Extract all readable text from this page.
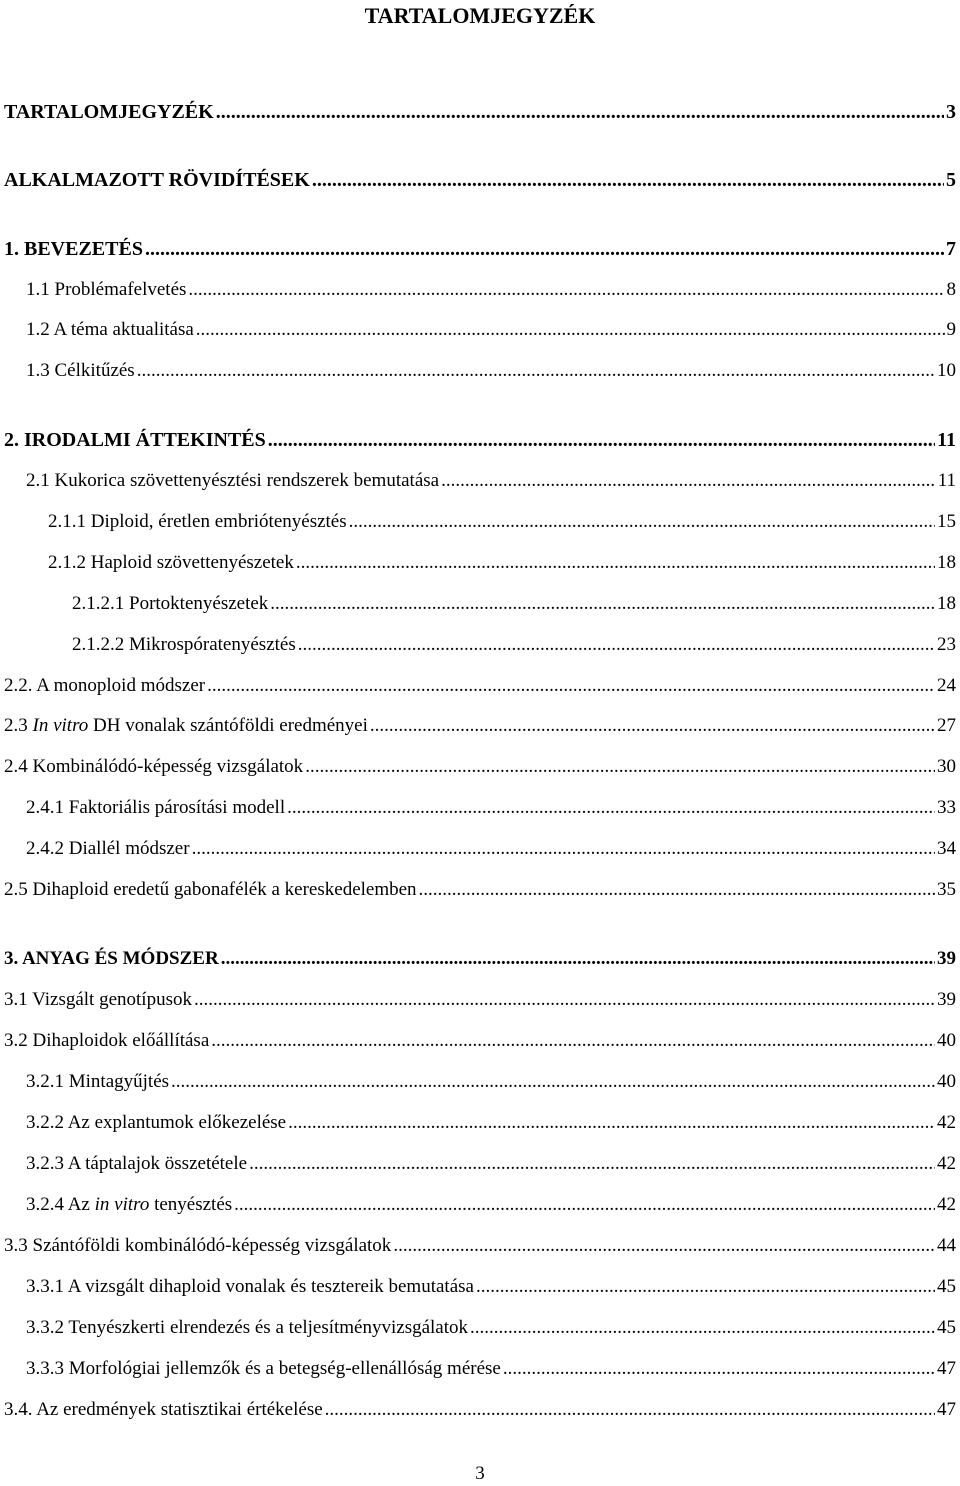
TARTALOMJEGYZÉK
TARTALOMJEGYZÉK .....	3
ALKALMAZOTT RÖVIDÍTÉSEK .....	5
1. BEVEZETÉS .....	7
1.1 Problémafelvetés .....	8
1.2 A téma aktualitása .....	9
1.3 Célkitűzés .....	10
2. IRODALMI ÁTTEKINTÉS .....	11
2.1 Kukorica szövettenyésztési rendszerek bemutatása .....	11
2.1.1 Diploid, éretlen embriótenyésztés .....	15
2.1.2 Haploid szövettenyészetek .....	18
2.1.2.1 Portoktenyészetek .....	18
2.1.2.2 Mikrospóratenyésztés .....	23
2.2. A monoploid módszer .....	24
2.3 In vitro DH vonalak szántóföldi eredményei .....	27
2.4 Kombinálódó-képesség vizsgálatok .....	30
2.4.1 Faktoriális párosítási modell .....	33
2.4.2 Diallél módszer .....	34
2.5 Dihaploid eredetű gabonafélék a kereskedelemben .....	35
3. ANYAG ÉS MÓDSZER .....	39
3.1 Vizsgált genotípusok .....	39
3.2 Dihaploidok előállítása .....	40
3.2.1 Mintagyűjtés .....	40
3.2.2 Az explantumok előkezelése .....	42
3.2.3 A táptalajok összetétele .....	42
3.2.4 Az in vitro tenyésztés .....	42
3.3 Szántóföldi kombinálódó-képesség vizsgálatok .....	44
3.3.1 A vizsgált dihaploid vonalak és tesztereik bemutatása .....	45
3.3.2 Tenyészkerti elrendezés és a teljesítményvizsgálatok .....	45
3.3.3 Morfológiai jellemzők és a betegség-ellenállóság mérése .....	47
3.4. Az eredmények statisztikai értékelése .....	47
3
